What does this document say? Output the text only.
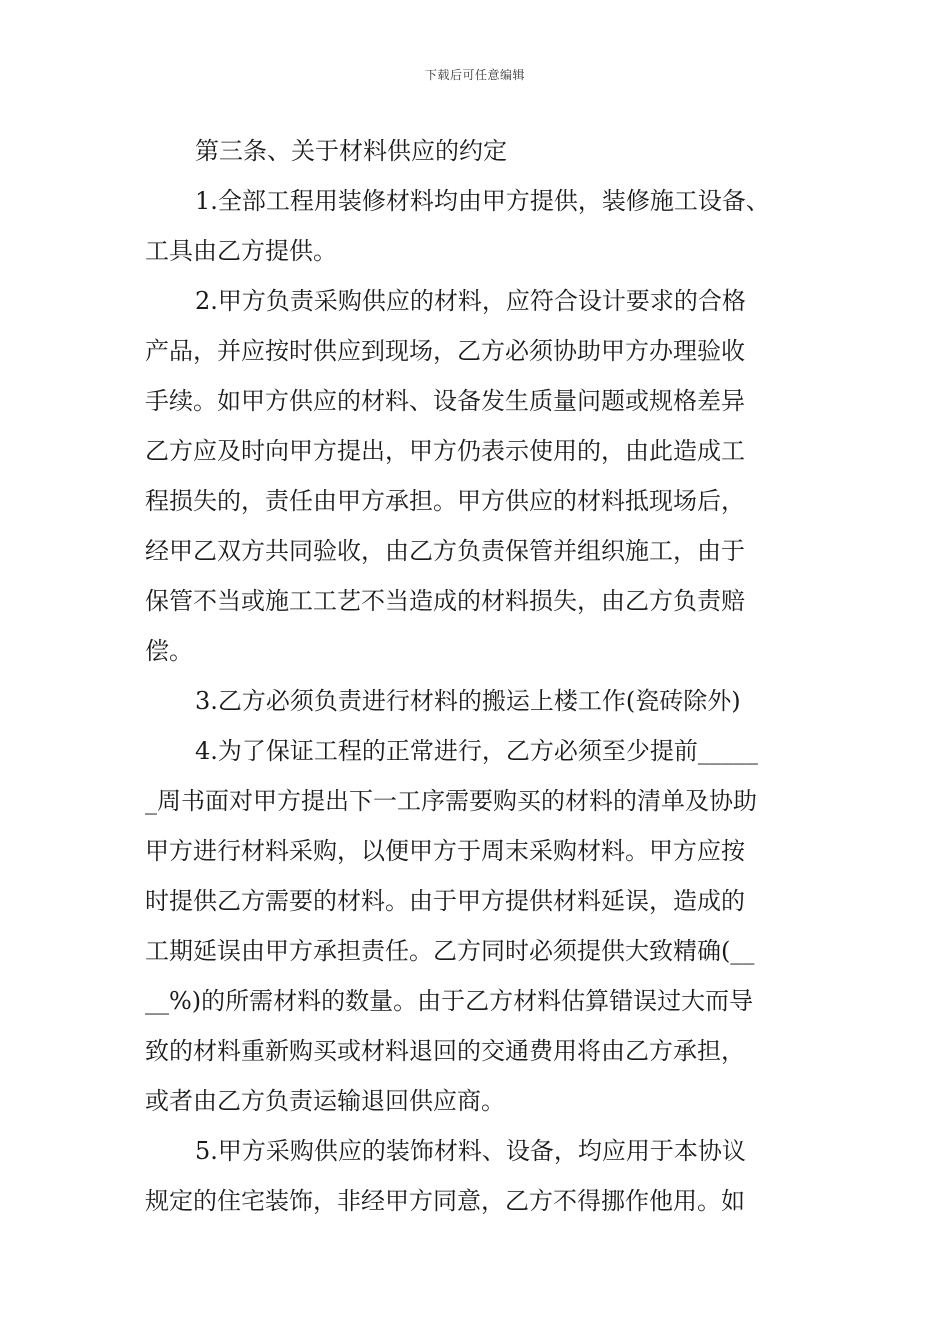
下载后可任意编辑
第三条、关于材料供应的约定
1.全部工程用装修材料均由甲方提供，装修施工设备、
工具由乙方提供。
2.甲方负责采购供应的材料，应符合设计要求的合格
产品，并应按时供应到现场，乙方必须协助甲方办理验收
手续。如甲方供应的材料、设备发生质量问题或规格差异
乙方应及时向甲方提出，甲方仍表示使用的，由此造成工
程损失的，责任由甲方承担。甲方供应的材料抵现场后，
经甲乙双方共同验收，由乙方负责保管并组织施工，由于
保管不当或施工工艺不当造成的材料损失，由乙方负责赔
偿。
3.乙方必须负责进行材料的搬运上楼工作(瓷砖除外)
4.为了保证工程的正常进行，乙方必须至少提前_____
_周书面对甲方提出下一工序需要购买的材料的清单及协助
甲方进行材料采购，以便甲方于周末采购材料。甲方应按
时提供乙方需要的材料。由于甲方提供材料延误，造成的
工期延误由甲方承担责任。乙方同时必须提供大致精确(__
__%)的所需材料的数量。由于乙方材料估算错误过大而导
致的材料重新购买或材料退回的交通费用将由乙方承担，
或者由乙方负责运输退回供应商。
5.甲方采购供应的装饰材料、设备，均应用于本协议
规定的住宅装饰，非经甲方同意，乙方不得挪作他用。如
